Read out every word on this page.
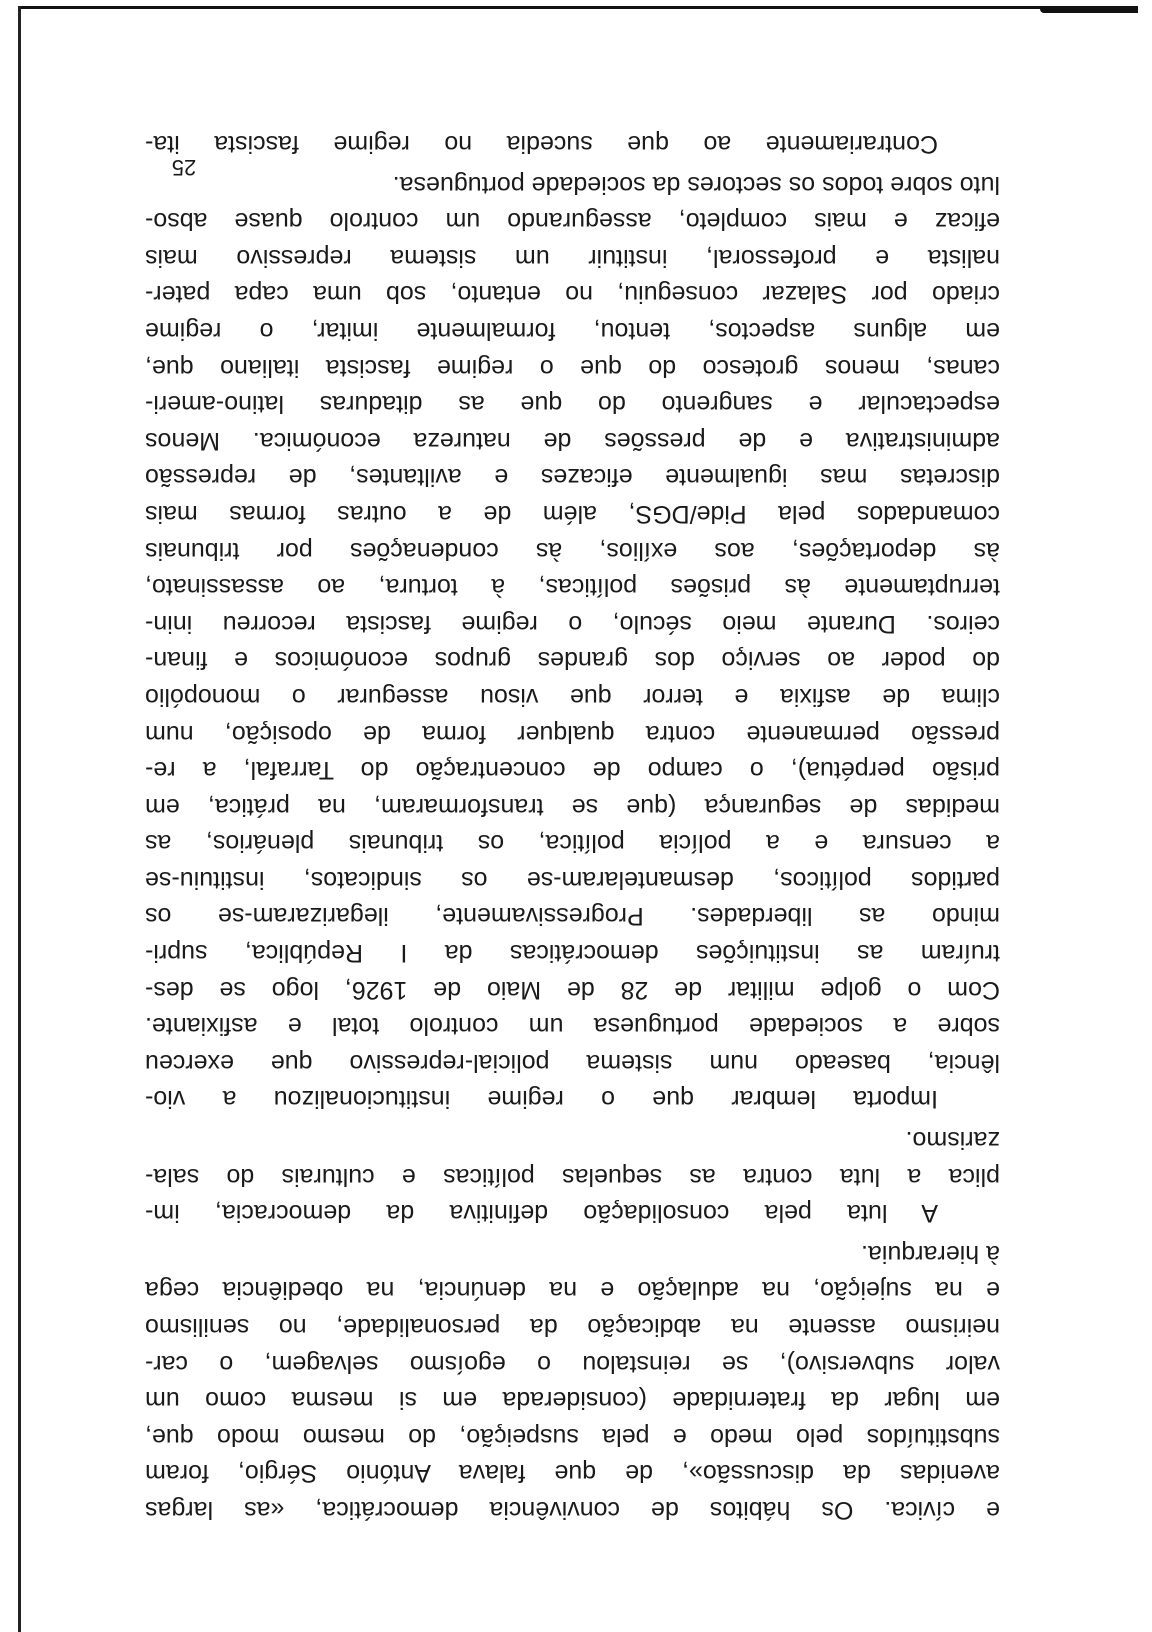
e cívica. Os hábitos de convivência democrática, «as largas
avenidas da discussão», de que falava António Sérgio, foram
substituídos pelo medo e pela suspeição, do mesmo modo que,
em lugar da fraternidade (considerada em si mesma como um
valor subversivo), se reinstalou o egoísmo selvagem, o car-
neirismo assente na abdicação da personalidade, no senilismo
e na sujeição, na adulação e na denúncia, na obediência cega
à hierarquia.
A luta pela consolidação definitiva da democracia, im-
plica a luta contra as sequelas políticas e culturais do sala-
zarismo.
Importa lembrar que o regime institucionalizou a vio-
lência, baseado num sistema policial-repressivo que exerceu
sobre a sociedade portuguesa um controlo total e asfixiante.
Com o golpe militar de 28 de Maio de 1926, logo se des-
truíram as instituições democráticas da I República, supri-
mindo as liberdades. Progressivamente, ilegarizaram-se os
partidos políticos, desmantelaram-se os sindicatos, instituiu-se
a censura e a polícia política, os tribunais plenários, as
medidas de segurança (que se transformaram, na prática, em
prisão perpétua), o campo de concentração do Tarrafal, a re-
pressão permanente contra qualquer forma de oposição, num
clima de asfixia e terror que visou assegurar o monopólio
do poder ao serviço dos grandes grupos económicos e finan-
ceiros. Durante meio século, o regime fascista recorreu inin-
terruptamente às prisões políticas, à tortura, ao assassinato,
às deportações, aos exílios, às condenações por tribunais
comandados pela Pide/DGS, além de a outras formas mais
discretas mas igualmente eficazes e aviltantes, de repressão
administrativa e de pressões de natureza económica. Menos
espectacular e sangrento do que as ditaduras latino-ameri-
canas, menos grotesco do que o regime fascista italiano que,
em alguns aspectos, tentou, formalmente imitar, o regime
criado por Salazar conseguiu, no entanto, sob uma capa pater-
nalista e professoral, instituir um sistema repressivo mais
eficaz e mais completo, assegurando um controlo quase abso-
luto sobre todos os sectores da sociedade portuguesa.
Contrariamente ao que sucedia no regime fascista ita-
25
